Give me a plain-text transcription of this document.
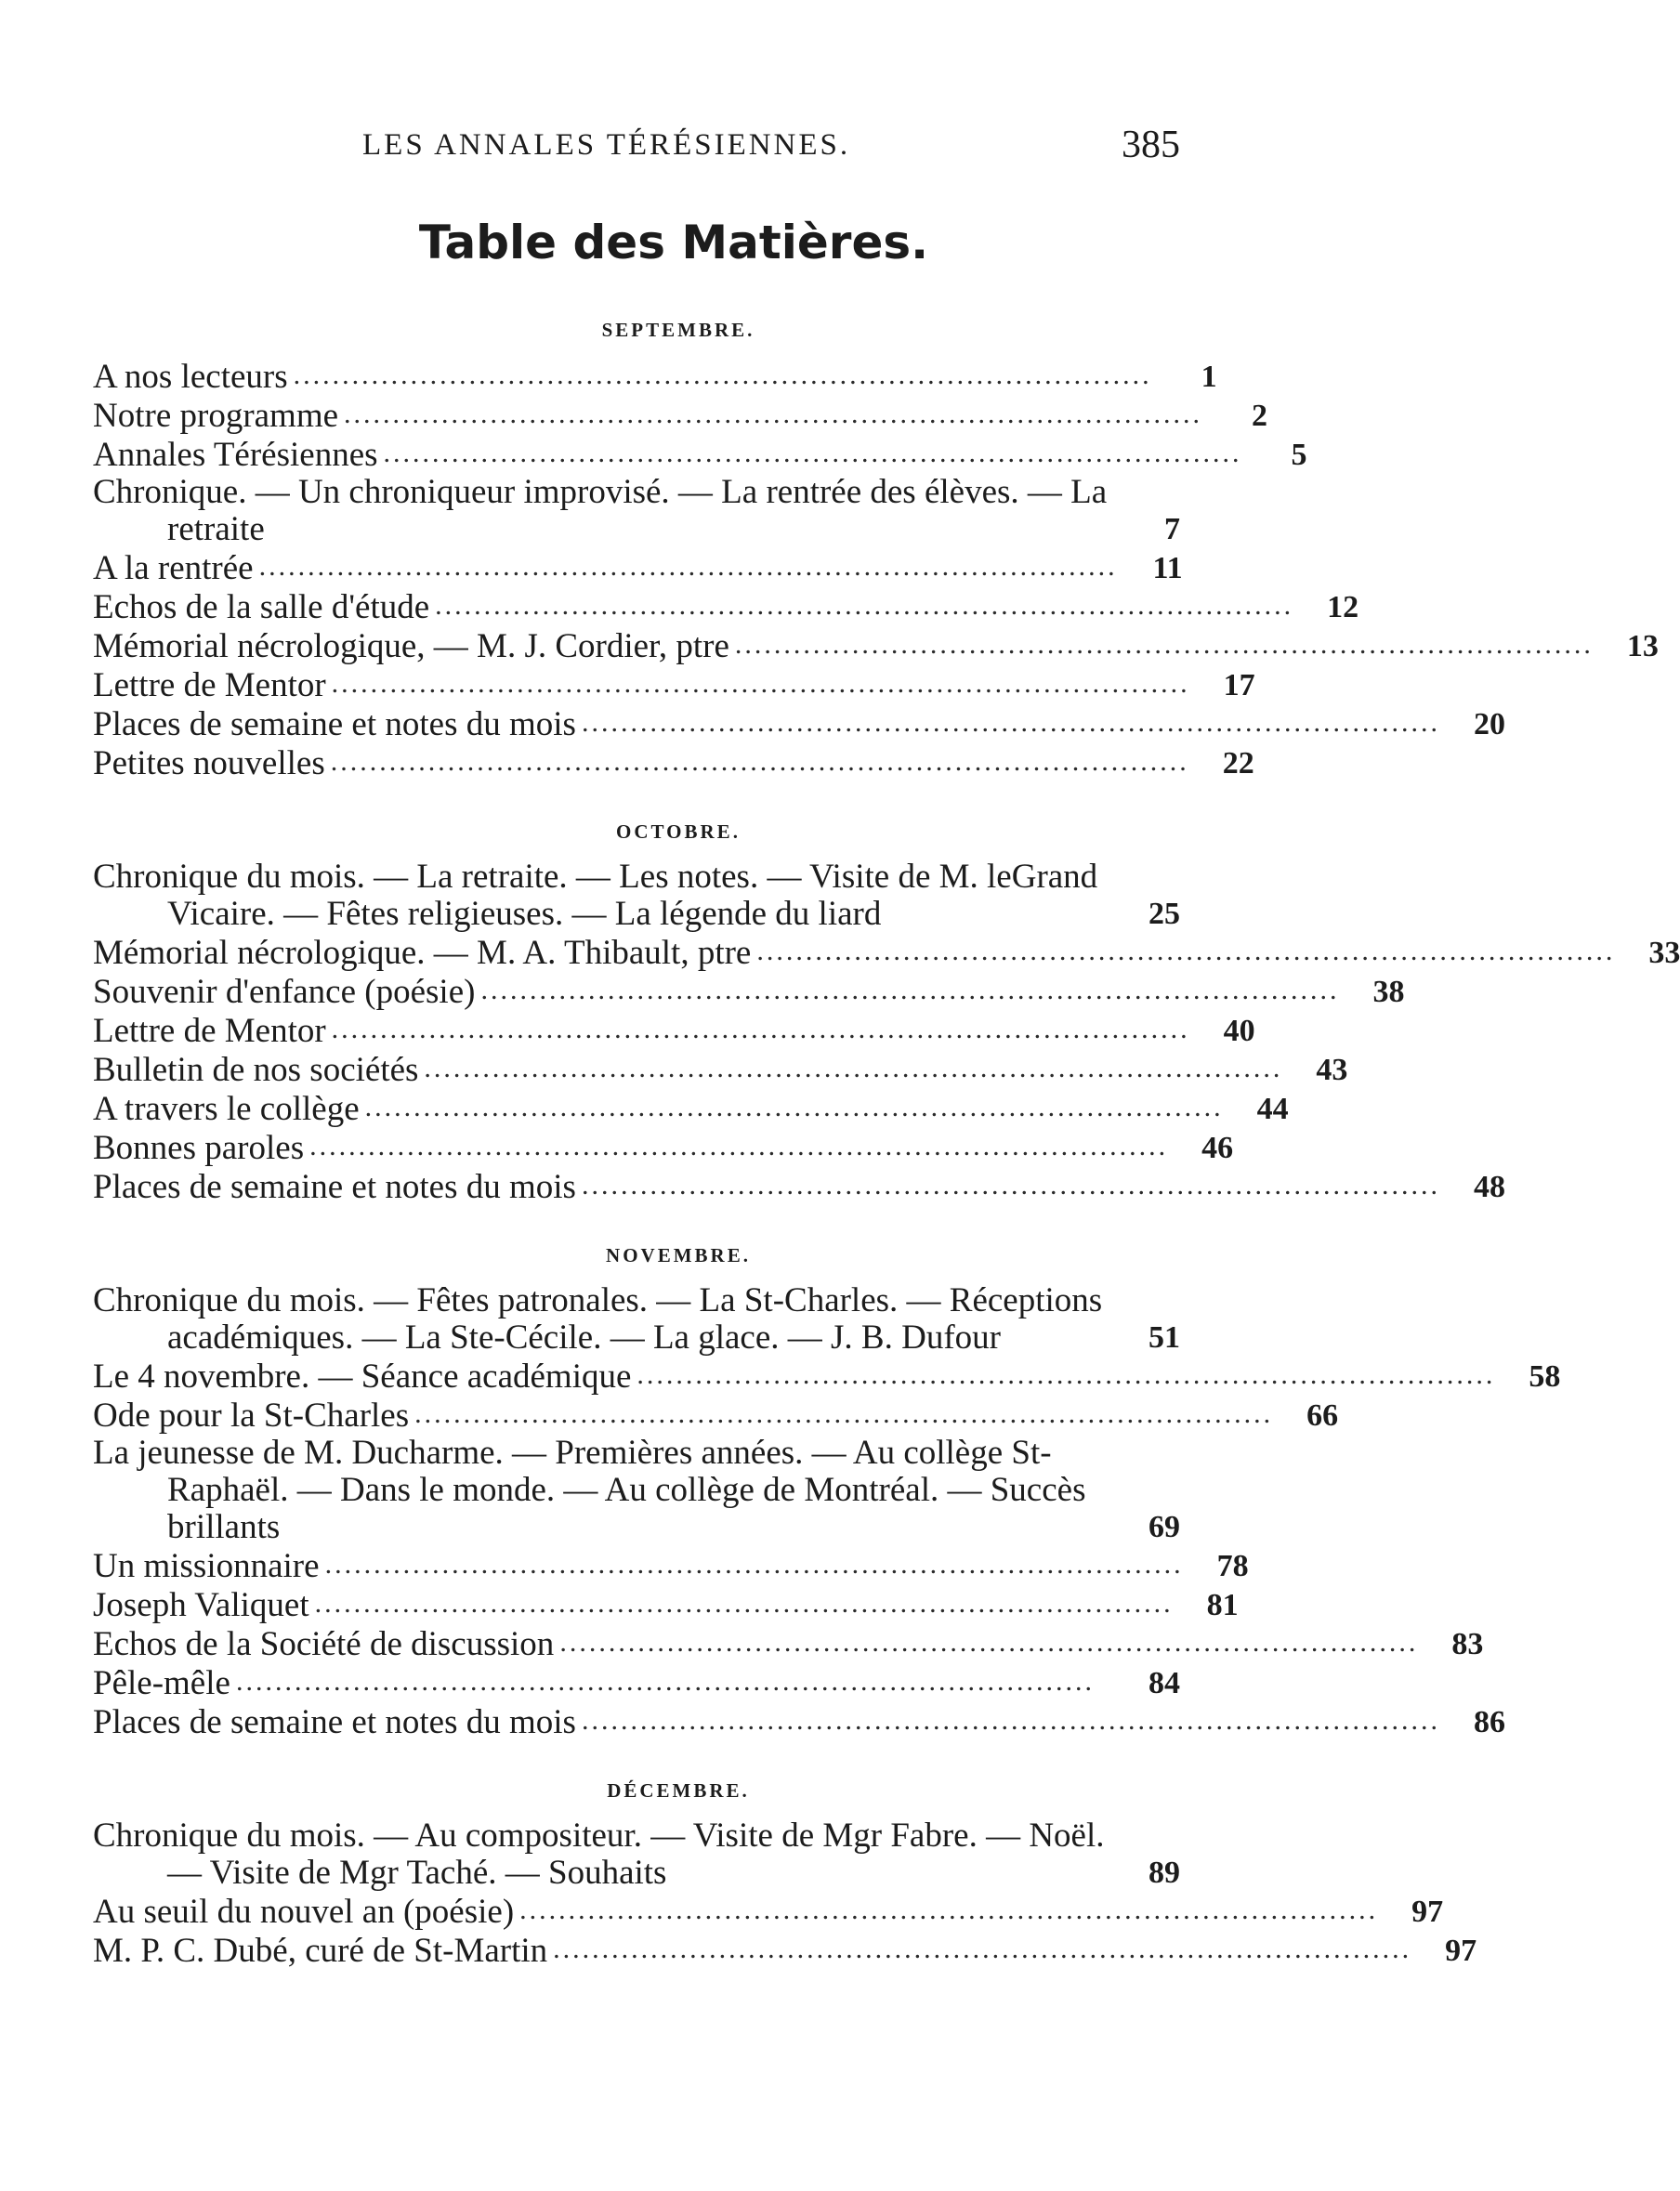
LES ANNALES TÉRÉSIENNES.	385
Table des Matières.
SEPTEMBRE.
A nos lecteurs ........................................................................................	1
Notre programme ........................................................................................	2
Annales Térésiennes ........................................................................................	5
Chronique. — Un chroniqueur improvisé. — La rentrée des élèves. — La retraite	7
A la rentrée ........................................................................................	11
Echos de la salle d'étude ........................................................................................	12
Mémorial nécrologique, — M. J. Cordier, ptre ........................................................................................	13
Lettre de Mentor ........................................................................................	17
Places de semaine et notes du mois ........................................................................................	20
Petites nouvelles ........................................................................................	22
OCTOBRE.
Chronique du mois. — La retraite. — Les notes. — Visite de M. leGrand Vicaire. — Fêtes religieuses. — La légende du liard	25
Mémorial nécrologique. — M. A. Thibault, ptre ........................................................................................	33
Souvenir d'enfance (poésie) ........................................................................................	38
Lettre de Mentor ........................................................................................	40
Bulletin de nos sociétés ........................................................................................	43
A travers le collège ........................................................................................	44
Bonnes paroles ........................................................................................	46
Places de semaine et notes du mois ........................................................................................	48
NOVEMBRE.
Chronique du mois. — Fêtes patronales. — La St-Charles. — Réceptions académiques. — La Ste-Cécile. — La glace. — J. B. Dufour	51
Le 4 novembre. — Séance académique ........................................................................................	58
Ode pour la St-Charles ........................................................................................	66
La jeunesse de M. Ducharme. — Premières années. — Au collège St-Raphaël. — Dans le monde. — Au collège de Montréal. — Succès brillants	69
Un missionnaire ........................................................................................	78
Joseph Valiquet ........................................................................................	81
Echos de la Société de discussion ........................................................................................	83
Pêle-mêle ........................................................................................	84
Places de semaine et notes du mois ........................................................................................	86
DÉCEMBRE.
Chronique du mois. — Au compositeur. — Visite de Mgr Fabre. — Noël. — Visite de Mgr Taché. — Souhaits	89
Au seuil du nouvel an (poésie) ........................................................................................	97
M. P. C. Dubé, curé de St-Martin ........................................................................................	97
